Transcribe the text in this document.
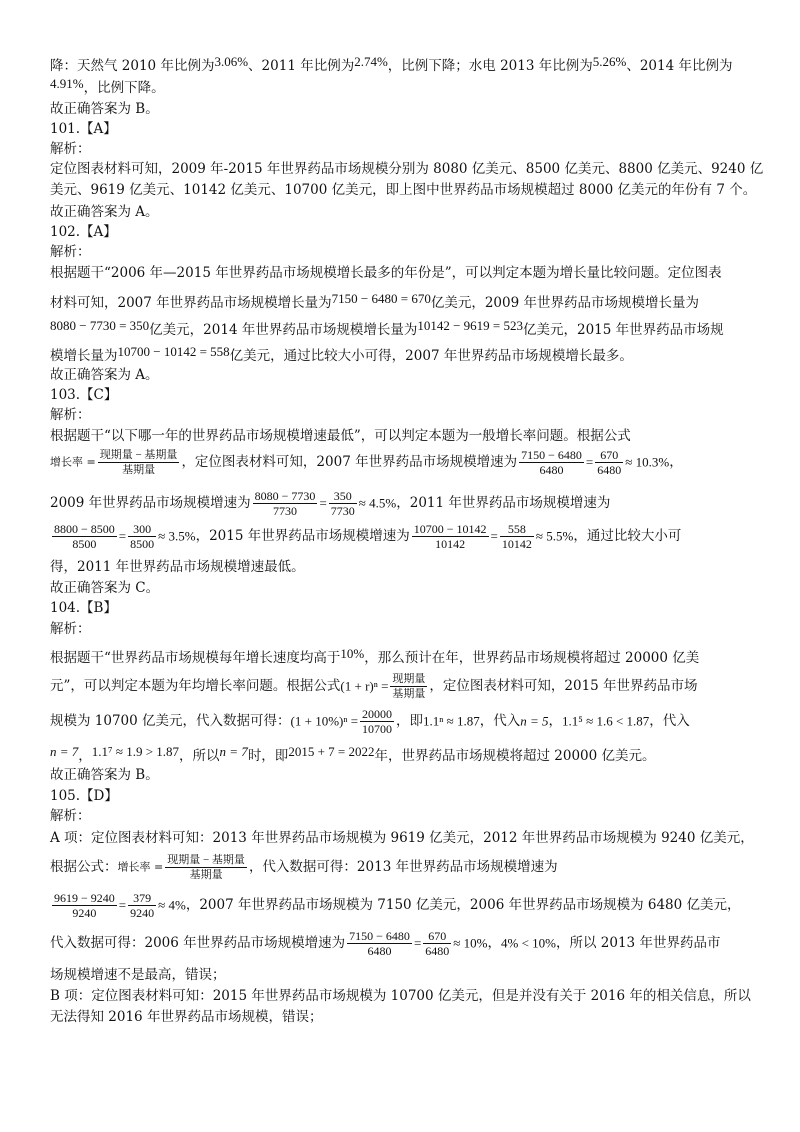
降：天然气 2010 年比例为3.06%、2011 年比例为2.74%，比例下降；水电 2013 年比例为5.26%、2014 年比例为
4.91%，比例下降。
故正确答案为 B。
101.【A】
解析：
定位图表材料可知，2009 年-2015 年世界药品市场规模分别为 8080 亿美元、8500 亿美元、8800 亿美元、9240 亿
美元、9619 亿美元、10142 亿美元、10700 亿美元，即上图中世界药品市场规模超过 8000 亿美元的年份有 7 个。
故正确答案为 A。
102.【A】
解析：
根据题干“2006 年—2015 年世界药品市场规模增长最多的年份是”，可以判定本题为增长量比较问题。定位图表
材料可知，2007 年世界药品市场规模增长量为7150 − 6480 = 670亿美元，2009 年世界药品市场规模增长量为
8080 − 7730 = 350亿美元，2014 年世界药品市场规模增长量为10142 − 9619 = 523亿美元，2015 年世界药品市场规
模增长量为10700 − 10142 = 558亿美元，通过比较大小可得，2007 年世界药品市场规模增长最多。
故正确答案为 A。
103.【C】
解析：
根据题干“以下哪一年的世界药品市场规模增速最低”，可以判定本题为一般增长率问题。根据公式
增长率 = $\frac{\text{现期量 − 基期量}}{\text{基期量}}$ ，定位图表材料可知，2007 年世界药品市场规模增速为 $\frac{7150 - 6480}{6480} = \frac{670}{6480} \approx 10.3\%$，
2009 年世界药品市场规模增速为 $\frac{8080 - 7730}{7730} = \frac{350}{7730} \approx 4.5\%$，2011 年世界药品市场规模增速为
$\frac{8800 - 8500}{8500} = \frac{300}{8500} \approx 3.5\%$，2015 年世界药品市场规模增速为 $\frac{10700 - 10142}{10142} = \frac{558}{10142} \approx 5.5\%$，通过比较大小可
得，2011 年世界药品市场规模增速最低。
故正确答案为 C。
104.【B】
解析：
根据题干“世界药品市场规模每年增长速度均高于10%，那么预计在年，世界药品市场规模将超过 20000 亿美
元”，可以判定本题为年均增长率问题。根据公式$(1 + r)^n = \frac{\text{现期量}}{\text{基期量}}$ ，定位图表材料可知，2015 年世界药品市场
规模为 10700 亿美元，代入数据可得：$(1 + 10\%)^n = \frac{20000}{10700}$ ，即1.1ⁿ ≈ 1.87，代入n = 5，1.1⁵ ≈ 1.6 < 1.87，代入
n = 7，1.1⁷ ≈ 1.9 > 1.87，所以n = 7时，即2015 + 7 = 2022年，世界药品市场规模将超过 20000 亿美元。
故正确答案为 B。
105.【D】
解析：
A 项：定位图表材料可知：2013 年世界药品市场规模为 9619 亿美元，2012 年世界药品市场规模为 9240 亿美元，
根据公式：增长率 = $\frac{\text{现期量 − 基期量}}{\text{基期量}}$ ，代入数据可得：2013 年世界药品市场规模增速为
$\frac{9619 - 9240}{9240} = \frac{379}{9240} \approx 4\%$，2007 年世界药品市场规模为 7150 亿美元，2006 年世界药品市场规模为 6480 亿美元，
代入数据可得：2006 年世界药品市场规模增速为 $\frac{7150 - 6480}{6480} = \frac{670}{6480} \approx 10\%$，4% < 10%，所以 2013 年世界药品市
场规模增速不是最高，错误；
B 项：定位图表材料可知：2015 年世界药品市场规模为 10700 亿美元，但是并没有关于 2016 年的相关信息，所以
无法得知 2016 年世界药品市场规模，错误；
